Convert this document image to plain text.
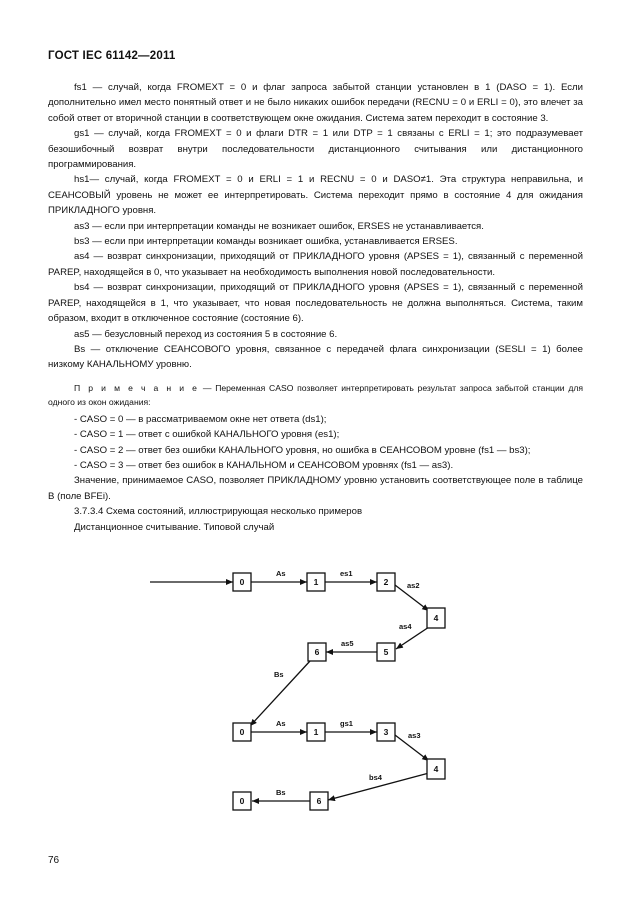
ГОСТ IEC 61142—2011

fs1 — случай, когда FROMEXT = 0 и флаг запроса забытой станции установлен в 1 (DASO = 1). Если дополнительно имел место понятный ответ и не было никаких ошибок передачи (RECNU = 0 и ERLI = 0), это влечет за собой ответ от вторичной станции в соответствующем окне ожидания. Система затем переходит в состояние 3.

gs1 — случай, когда FROMEXT = 0 и флаги DTR = 1 или DTP = 1 связаны с ERLI = 1; это подразумевает безошибочный возврат внутри последовательности дистанционного считывания или дистанционного программирования.

hs1— случай, когда FROMEXT = 0 и ERLI = 1 и RECNU = 0 и DASO≠1. Эта структура неправильна, и СЕАНСОВЫЙ уровень не может ее интерпретировать. Система переходит прямо в состояние 4 для ожидания ПРИКЛАДНОГО уровня.

as3 — если при интерпретации команды не возникает ошибок, ERSES не устанавливается.

bs3 — если при интерпретации команды возникает ошибка, устанавливается ERSES.

as4 — возврат синхронизации, приходящий от ПРИКЛАДНОГО уровня (APSES = 1), связанный с переменной PAREP, находящейся в 0, что указывает на необходимость выполнения новой последовательности.

bs4 — возврат синхронизации, приходящий от ПРИКЛАДНОГО уровня (APSES = 1), связанный с переменной PAREP, находящейся в 1, что указывает, что новая последовательность не должна выполняться. Система, таким образом, входит в отключенное состояние (состояние 6).

as5 — безусловный переход из состояния 5 в состояние 6.

Bs — отключение СЕАНСОВОГО уровня, связанное с передачей флага синхронизации (SESLI = 1) более низкому КАНАЛЬНОМУ уровню.

П р и м е ч а н и е — Переменная CASO позволяет интерпретировать результат запроса забытой станции для одного из окон ожидания:

- CASO = 0 — в рассматриваемом окне нет ответа (ds1);

- CASO = 1 — ответ с ошибкой КАНАЛЬНОГО уровня (es1);

- CASO = 2 — ответ без ошибки КАНАЛЬНОГО уровня, но ошибка в СЕАНСОВОМ уровне (fs1 — bs3);

- CASO = 3 — ответ без ошибок в КАНАЛЬНОМ и СЕАНСОВОМ уровнях (fs1 — as3).

Значение, принимаемое CASO, позволяет ПРИКЛАДНОМУ уровню установить соответствующее поле в таблице B (поле BFEi).

3.7.3.4 Схема состояний, иллюстрирующая несколько примеров

Дистанционное считывание. Типовой случай

0	1	2
4
5
6
0	1	3
4
0	6
As	es1
as2
as4
as5
Bs
As	gs1
as3
bs4
Bs
76
